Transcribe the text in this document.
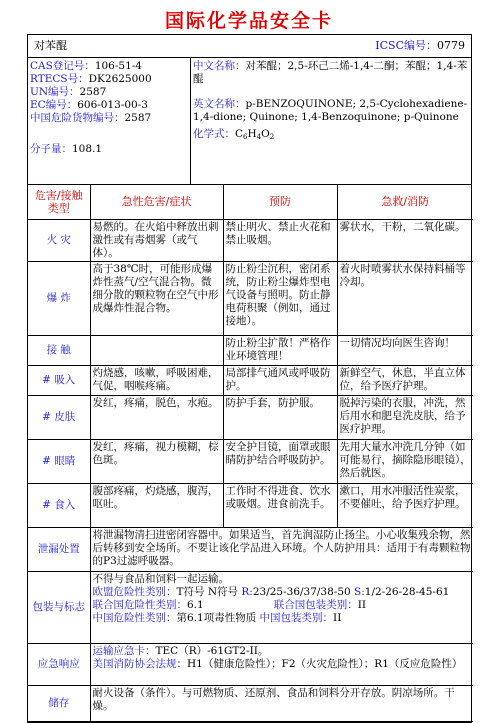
国际化学品安全卡
对苯醌	ICSC编号：0779

CAS登记号：106-51-4

RTECS号：DK2625000

UN编号：2587

EC编号：606-013-00-3

中国危险货物编号：2587

分子量：108.1

中文名称：对苯醌；2,5-环己二烯-1,4-二酮；苯醌；1,4-苯醌

英文名称：p-BENZOQUINONE; 2,5-Cyclohexadiene-1,4-dione; Quinone; 1,4-Benzoquinone; p-Quinone

化学式：$C_6H_4O_2$

危害/接触类型	急性危害/症状	预防	急救/消防
火 灾	易燃的。在火焰中释放出刺激性或有毒烟雾（或气体）。	禁止明火、禁止火花和禁止吸烟。	雾状水，干粉，二氧化碳。
爆 炸	高于38℃时，可能形成爆炸性蒸气/空气混合物。微细分散的颗粒物在空气中形成爆炸性混合物。	防止粉尘沉积，密闭系统，防止粉尘爆炸型电气设备与照明。防止静电荷积聚（例如，通过接地）。	着火时喷雾状水保持料桶等冷却。
接 触		防止粉尘扩散！严格作业环境管理！	一切情况均向医生咨询！
# 吸入	灼烧感，咳嗽，呼吸困难，气促，咽喉疼痛。	局部排气通风或呼吸防护。	新鲜空气，休息，半直立体位，给予医疗护理。
# 皮肤	发红，疼痛，脱色，水疱。	防护手套，防护服。	脱掉污染的衣服，冲洗，然后用水和肥皂洗皮肤，给予医疗护理。
# 眼睛	发红，疼痛，视力模糊，棕色斑。	安全护目镜，面罩或眼睛防护结合呼吸防护。	先用大量水冲洗几分钟（如可能易行，摘除隐形眼镜），然后就医。
# 食入	腹部疼痛，灼烧感，腹泻，呕吐。	工作时不得进食、饮水或吸烟。进食前洗手。	漱口，用水冲服活性炭浆，不要催吐，给予医疗护理。
泄漏处置	将泄漏物清扫进密闭容器中。如果适当，首先润湿防止扬尘。小心收集残余物，然后转移到安全场所。不要让该化学品进入环境。个人防护用具：适用于有毒颗粒物的P3过滤呼吸器。		
包装与标志	不得与食品和饲料一起运输。
欧盟危险性类别：T符号 N符号 R:23/25-36/37/38-50 S:1/2-26-28-45-61
联合国危险性类别：6.1 联合国包装类别：II
中国危险性类别：第6.1项毒性物质 中国包装类别：II		

应急响应	运输应急卡：TEC（R）-61GT2-II。
美国消防协会法规：H1（健康危险性）；F2（火灾危险性）；R1（反应危险性）		

储存	耐火设备（条件）。与可燃物质、还原剂、食品和饲料分开存放。阴凉场所。干燥。		
